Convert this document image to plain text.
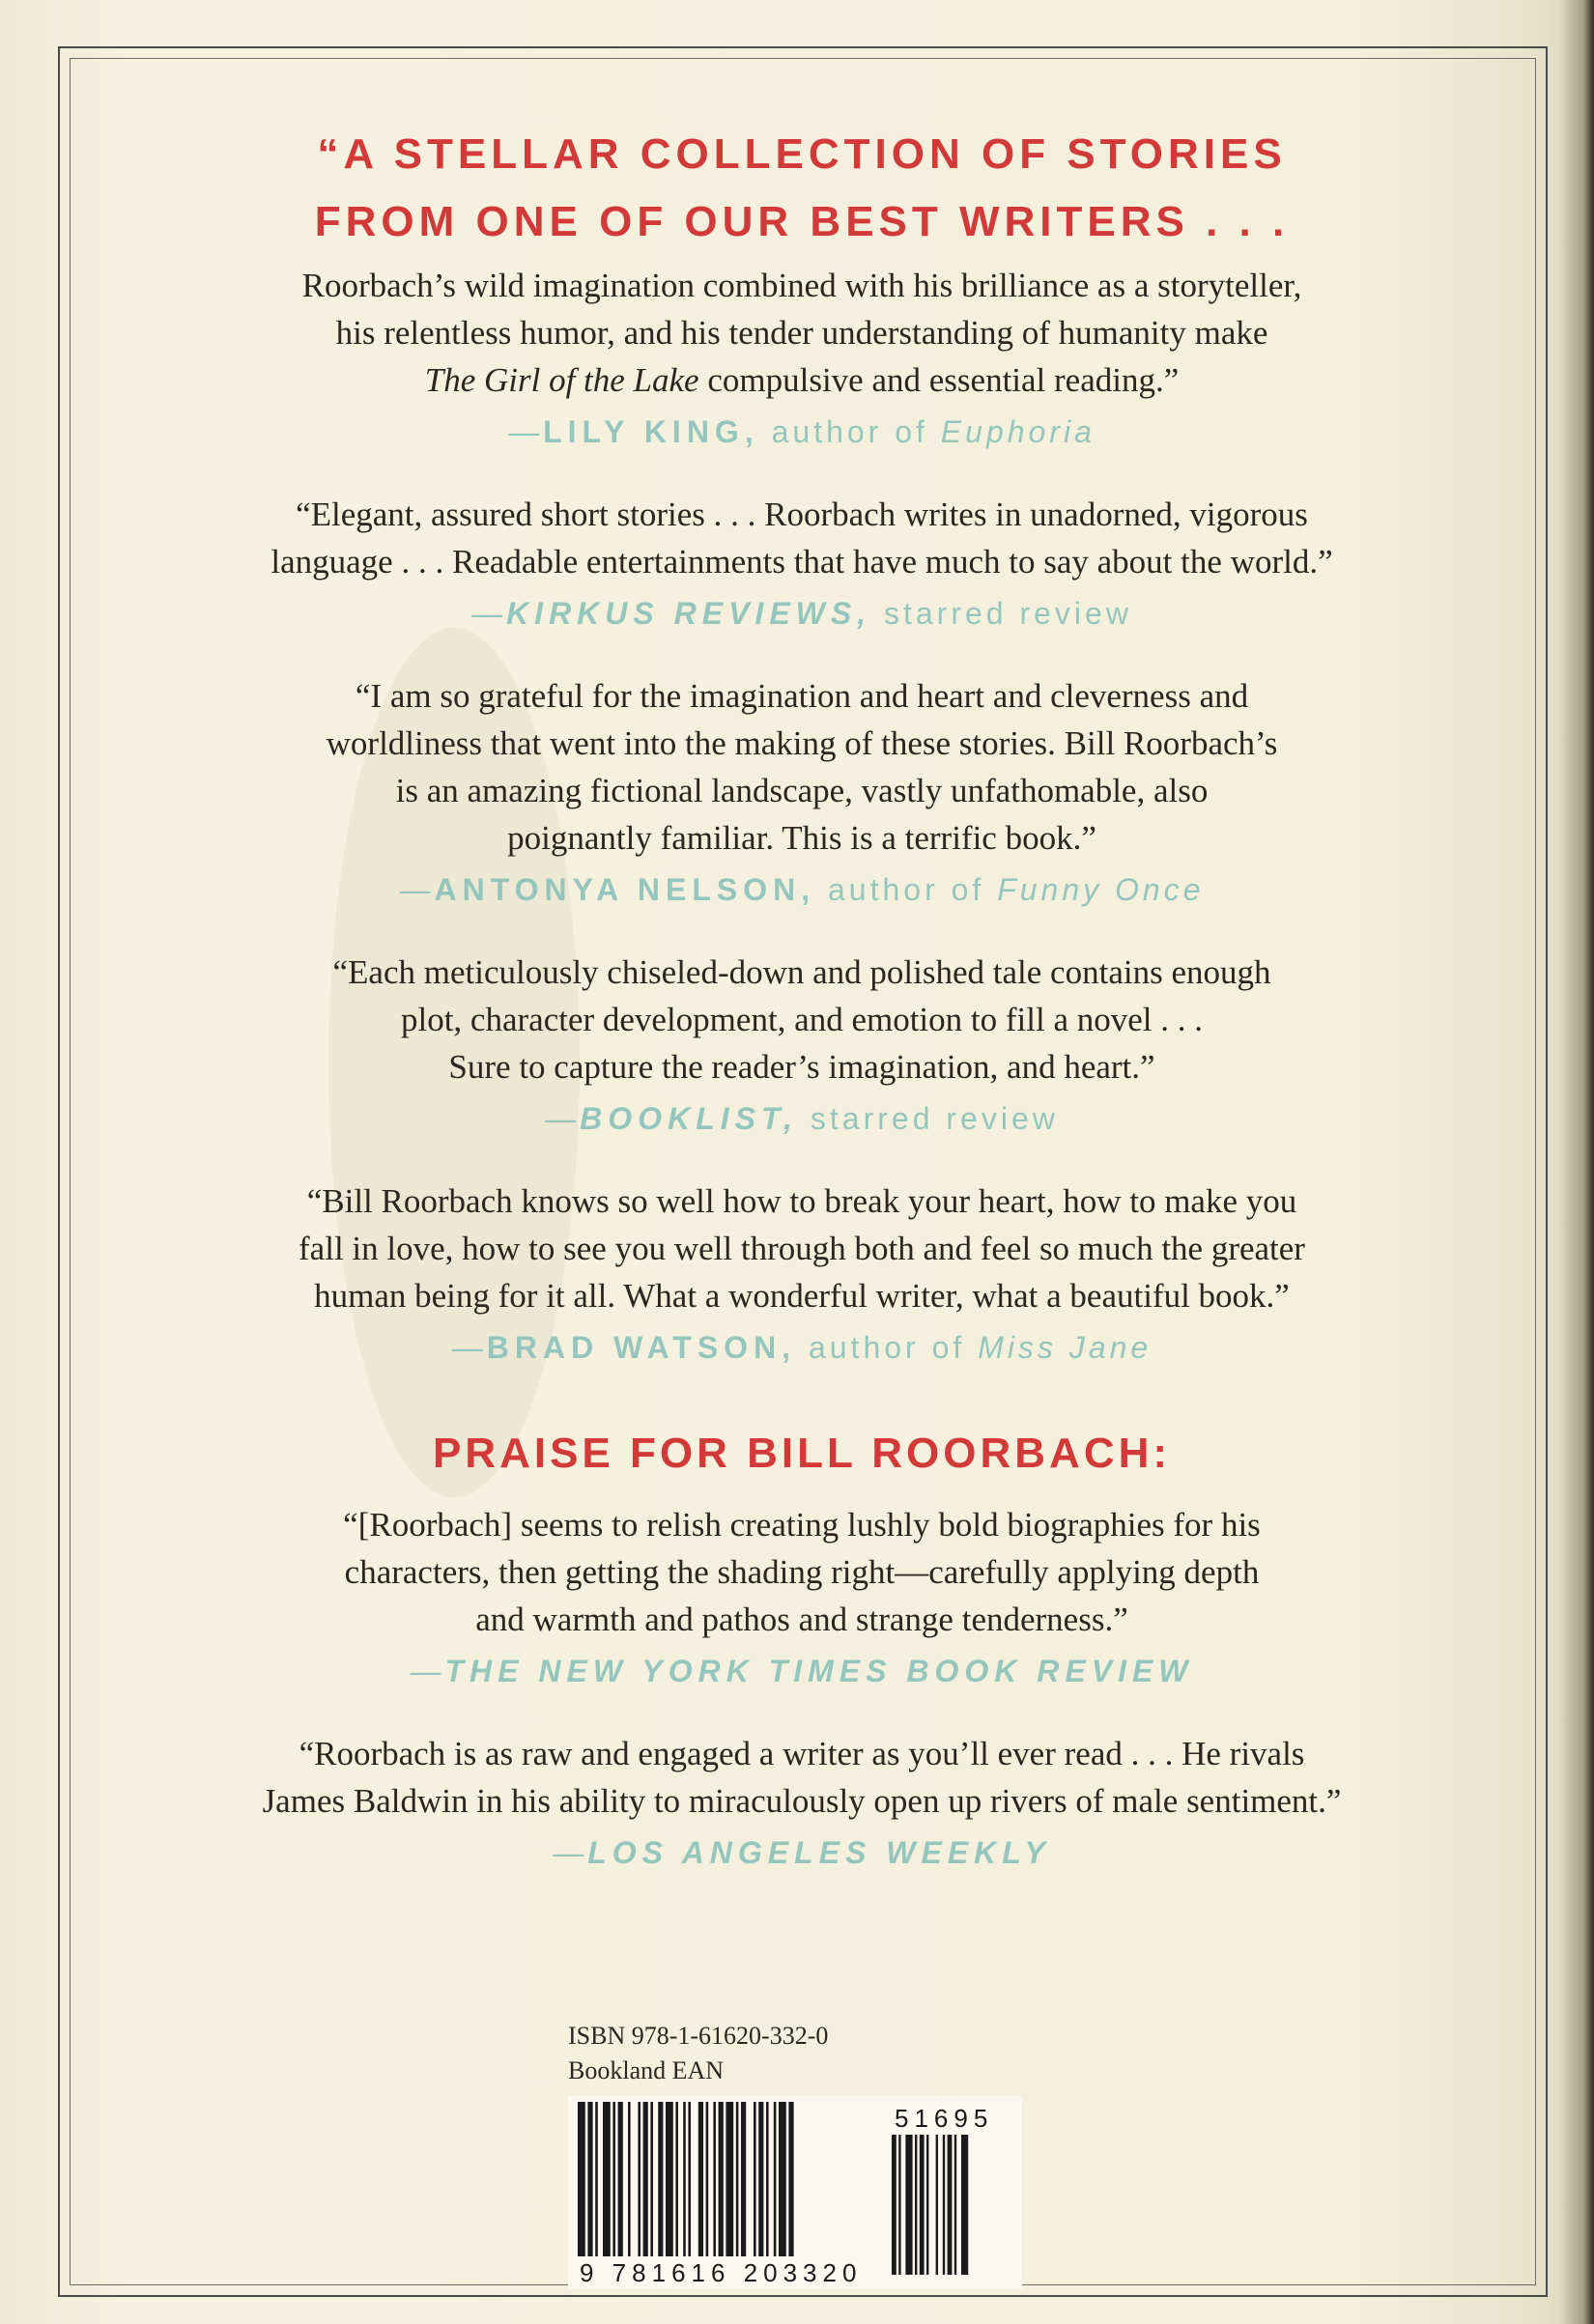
“A STELLAR COLLECTION OF STORIES

FROM ONE OF OUR BEST WRITERS . . .

Roorbach’s wild imagination combined with his brilliance as a storyteller,

his relentless humor, and his tender understanding of humanity make

The Girl of the Lake compulsive and essential reading.”

—LILY KING, author of Euphoria

“Elegant, assured short stories . . . Roorbach writes in unadorned, vigorous

language . . . Readable entertainments that have much to say about the world.”

—KIRKUS REVIEWS, starred review

“I am so grateful for the imagination and heart and cleverness and

worldliness that went into the making of these stories. Bill Roorbach’s

is an amazing fictional landscape, vastly unfathomable, also

poignantly familiar. This is a terrific book.”

—ANTONYA NELSON, author of Funny Once

“Each meticulously chiseled-down and polished tale contains enough

plot, character development, and emotion to fill a novel . . .

Sure to capture the reader’s imagination, and heart.”

—BOOKLIST, starred review

“Bill Roorbach knows so well how to break your heart, how to make you

fall in love, how to see you well through both and feel so much the greater

human being for it all. What a wonderful writer, what a beautiful book.”

—BRAD WATSON, author of Miss Jane

PRAISE FOR BILL ROORBACH:

“[Roorbach] seems to relish creating lushly bold biographies for his

characters, then getting the shading right—carefully applying depth

and warmth and pathos and strange tenderness.”

—THE NEW YORK TIMES BOOK REVIEW

“Roorbach is as raw and engaged a writer as you’ll ever read . . . He rivals

James Baldwin in his ability to miraculously open up rivers of male sentiment.”

—LOS ANGELES WEEKLY

ISBN 978-1-61620-332-0
Bookland EAN
9 781616 203320
51695
